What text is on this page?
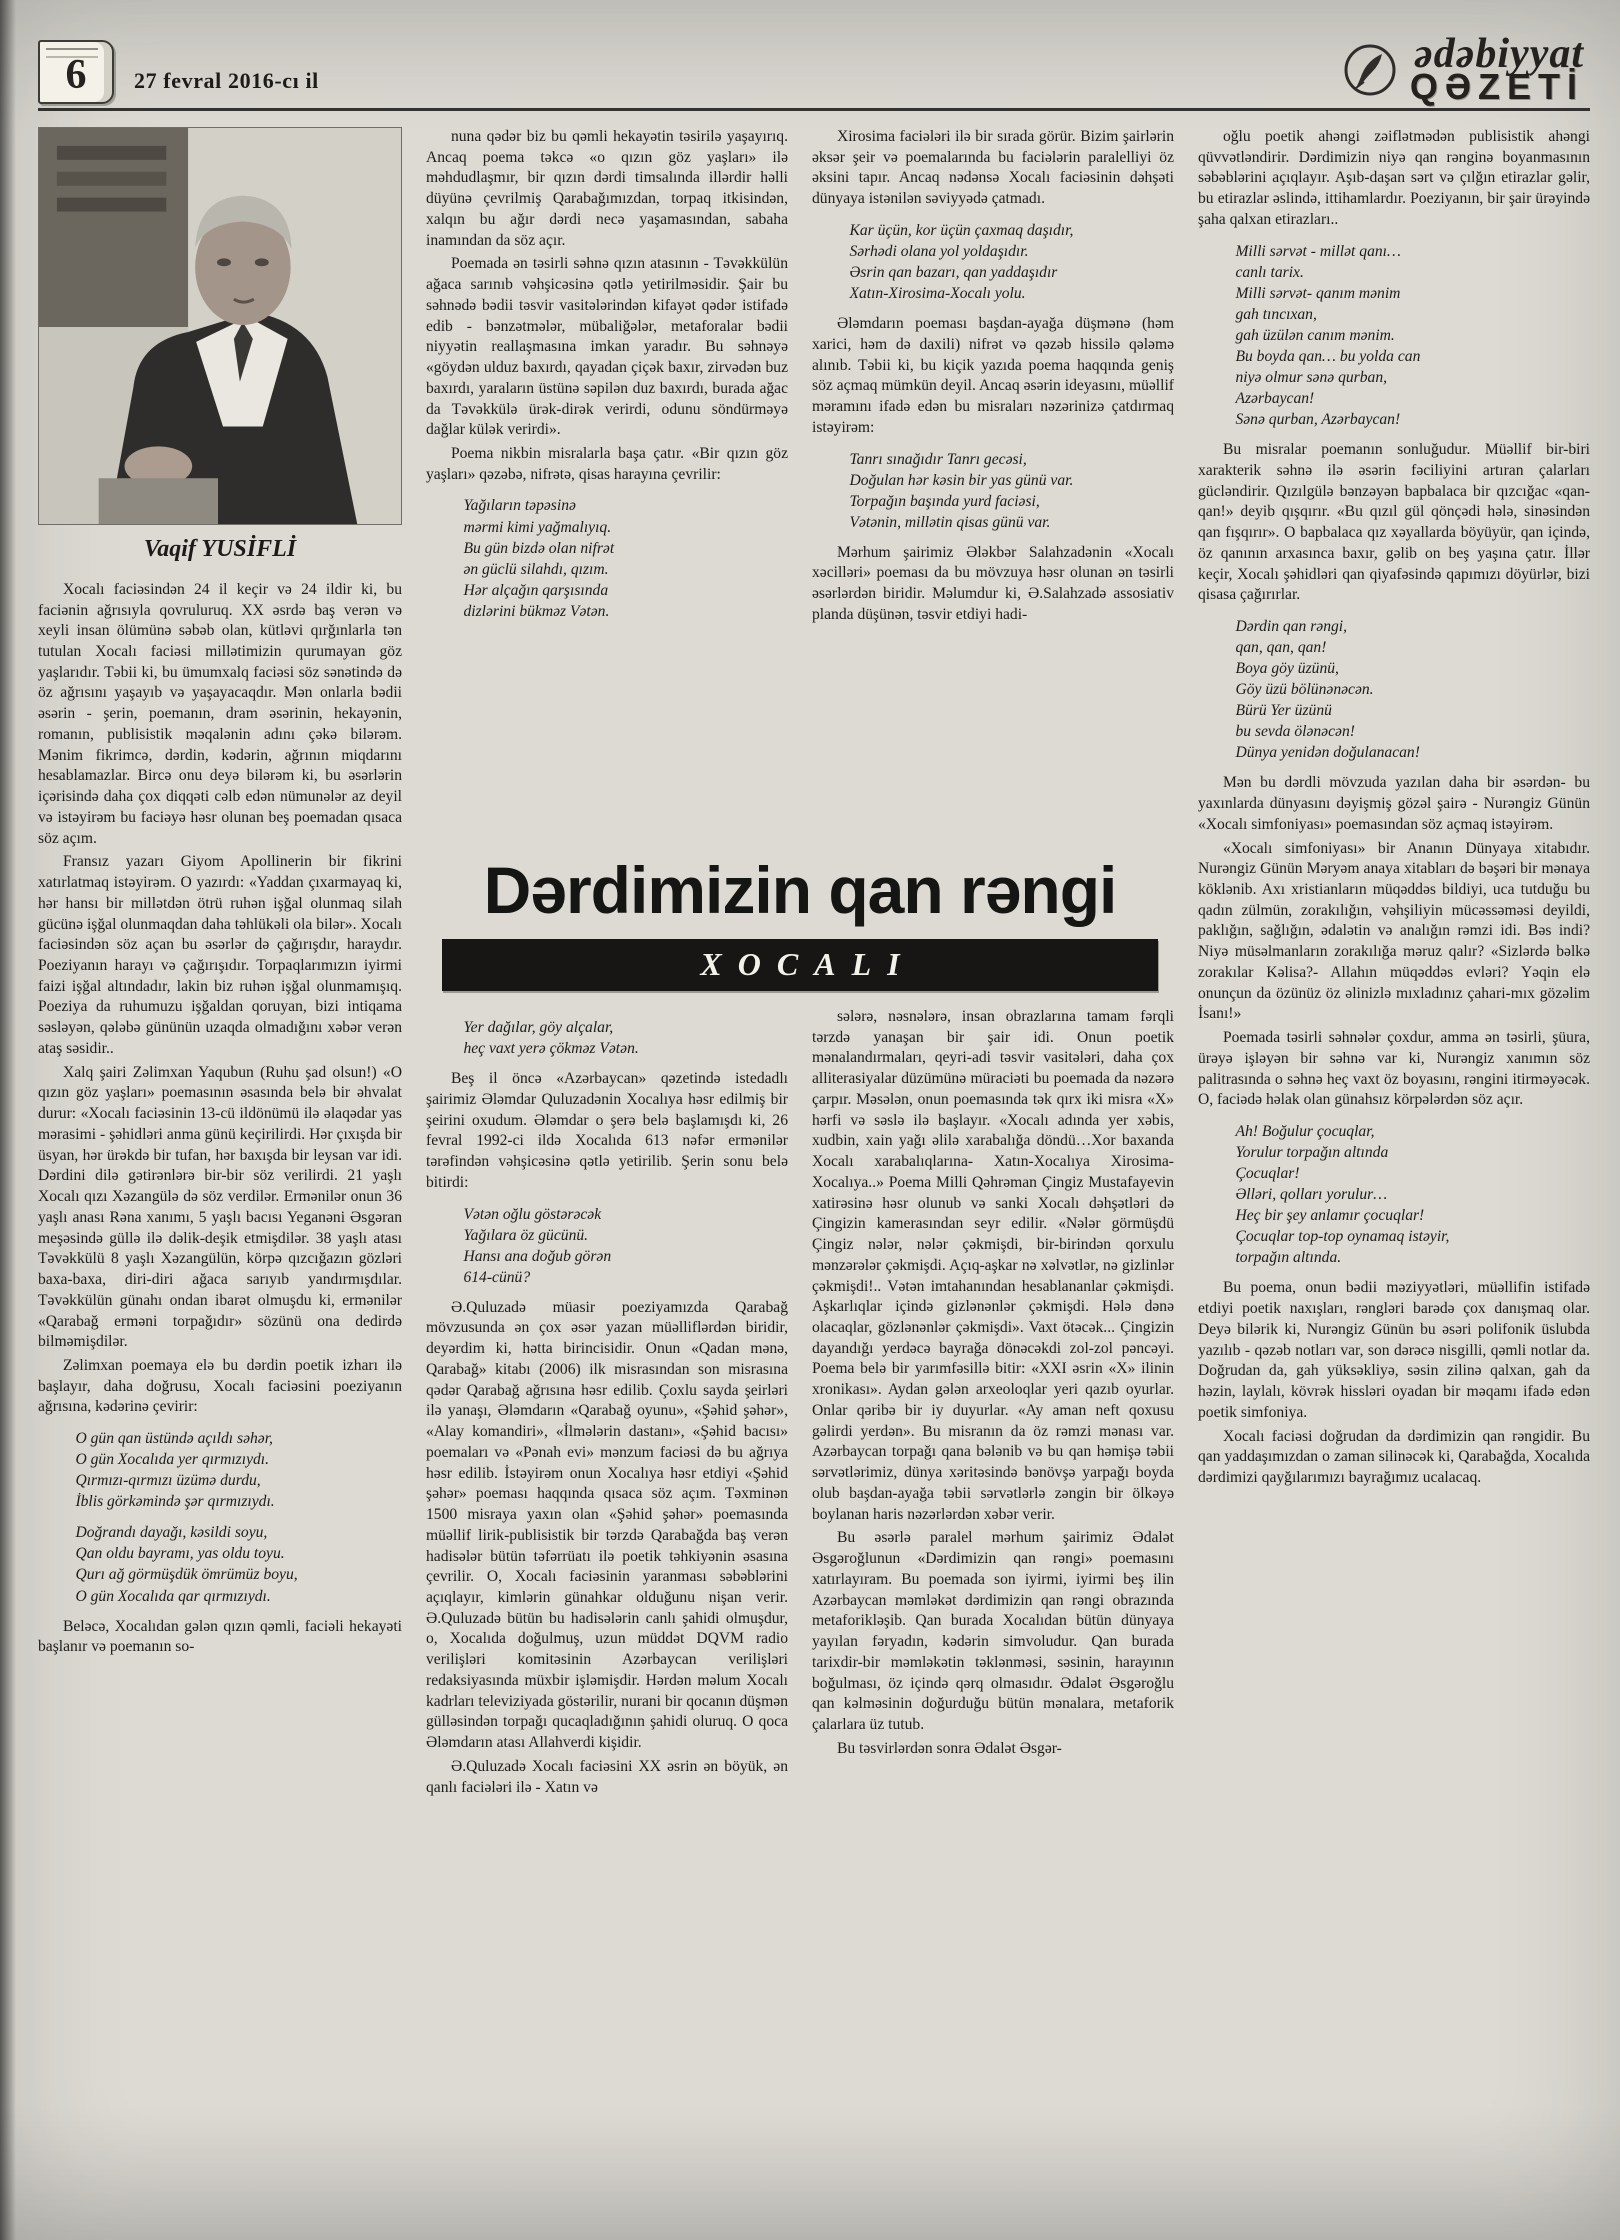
6 27 fevral 2016-cı il
ədəbiyyat
QƏZETİ
Vaqif YUSİFLİ

Xocalı faciəsindən 24 il keçir və 24 ildir ki, bu faciənin ağrısıyla qovruluruq. XX əsrdə baş verən və xeyli insan ölümünə səbəb olan, kütləvi qırğınlarla tən tutulan Xocalı faciəsi millətimizin qurumayan göz yaşlarıdır. Təbii ki, bu ümumxalq faciəsi söz sənətində də öz ağrısını yaşayıb və yaşayacaqdır. Mən onlarla bədii əsərin - şerin, poemanın, dram əsərinin, hekayənin, romanın, publisistik məqalənin adını çəkə bilərəm. Mənim fikrimcə, dərdin, kədərin, ağrının miqdarını hesablamazlar. Bircə onu deyə bilərəm ki, bu əsərlərin içərisində daha çox diqqəti cəlb edən nümunələr az deyil və istəyirəm bu faciəyə həsr olunan beş poemadan qısaca söz açım.

Fransız yazarı Giyom Apollinerin bir fikrini xatırlatmaq istəyirəm. O yazırdı: «Yaddan çıxarmayaq ki, hər hansı bir millətdən ötrü ruhən işğal olunmaq silah gücünə işğal olunmaqdan daha təhlükəli ola bilər». Xocalı faciəsindən söz açan bu əsərlər də çağırışdır, haraydır. Poeziyanın harayı və çağırışıdır. Torpaqlarımızın iyirmi faizi işğal altındadır, lakin biz ruhən işğal olunmamışıq. Poeziya da ruhumuzu işğaldan qoruyan, bizi intiqama səsləyən, qələbə gününün uzaqda olmadığını xəbər verən ataş səsidir..

Xalq şairi Zəlimxan Yaqubun (Ruhu şad olsun!) «O qızın göz yaşları» poemasının əsasında belə bir əhvalat durur: «Xocalı faciəsinin 13-cü ildönümü ilə əlaqədar yas mərasimi - şəhidləri anma günü keçirilirdi. Hər çıxışda bir üsyan, hər ürəkdə bir tufan, hər baxışda bir leysan var idi. Dərdini dilə gətirənlərə bir-bir söz verilirdi. 21 yaşlı Xocalı qızı Xəzangülə də söz verdilər. Ermənilər onun 36 yaşlı anası Rəna xanımı, 5 yaşlı bacısı Yeganəni Əsgəran meşəsində güllə ilə dəlik-deşik etmişdilər. 38 yaşlı atası Təvəkkülü 8 yaşlı Xəzangülün, körpə qızcığazın gözləri baxa-baxa, diri-diri ağaca sarıyıb yandırmışdılar. Təvəkkülün günahı ondan ibarət olmuşdu ki, ermənilər «Qarabağ erməni torpağıdır» sözünü ona dedirdə bilməmişdilər.

Zəlimxan poemaya elə bu dərdin poetik izharı ilə başlayır, daha doğrusu, Xocalı faciəsini poeziyanın ağrısına, kədərinə çevirir:

O gün qan üstündə açıldı səhər,
O gün Xocalıda yer qırmızıydı.
Qırmızı-qırmızı üzümə durdu,
İblis görkəmində şər qırmızıydı.
Doğrandı dayağı, kəsildi soyu,
Qan oldu bayramı, yas oldu toyu.
Qurı ağ görmüşdük ömrümüz boyu,
O gün Xocalıda qar qırmızıydı.

Beləcə, Xocalıdan gələn qızın qəmli, faciəli hekayəti başlanır və poemanın so-

nuna qədər biz bu qəmli hekayətin təsirilə yaşayırıq. Ancaq poema təkcə «o qızın göz yaşları» ilə məhdudlaşmır, bir qızın dərdi timsalında illərdir həlli düyünə çevrilmiş Qarabağımızdan, torpaq itkisindən, xalqın bu ağır dərdi necə yaşamasından, sabaha inamından da söz açır.

Poemada ən təsirli səhnə qızın atasının - Təvəkkülün ağaca sarınıb vəhşicəsinə qətlə yetirilməsidir. Şair bu səhnədə bədii təsvir vasitələrindən kifayət qədər istifadə edib - bənzətmələr, mübaliğələr, metaforalar bədii niyyətin reallaşmasına imkan yaradır. Bu səhnəyə «göydən ulduz baxırdı, qayadan çiçək baxır, zirvədən buz baxırdı, yaraların üstünə səpilən duz baxırdı, burada ağac da Təvəkkülə ürək-dirək verirdi, odunu söndürməyə dağlar külək verirdi».

Poema nikbin misralarla başa çatır. «Bir qızın göz yaşları» qəzəbə, nifrətə, qisas harayına çevrilir:

Yağıların təpəsinə
mərmi kimi yağmalıyıq.
Bu gün bizdə olan nifrət
ən güclü silahdı, qızım.
Hər alçağın qarşısında
dizlərini bükməz Vətən.

Xirosima faciələri ilə bir sırada görür. Bizim şairlərin əksər şeir və poemalarında bu faciələrin paralelliyi öz əksini tapır. Ancaq nədənsə Xocalı faciəsinin dəhşəti dünyaya istənilən səviyyədə çatmadı.

Kar üçün, kor üçün çaxmaq daşıdır,
Sərhədi olana yol yoldaşıdır.
Əsrin qan bazarı, qan yaddaşıdır
Xatın-Xirosima-Xocalı yolu.

Ələmdarın poeması başdan-ayağa düşmənə (həm xarici, həm də daxili) nifrət və qəzəb hissilə qələmə alınıb. Təbii ki, bu kiçik yazıda poema haqqında geniş söz açmaq mümkün deyil. Ancaq əsərin ideyasını, müəllif məramını ifadə edən bu misraları nəzərinizə çatdırmaq istəyirəm:

Tanrı sınağıdır Tanrı gecəsi,
Doğulan hər kəsin bir yas günü var.
Torpağın başında yurd faciəsi,
Vətənin, millətin qisas günü var.

Mərhum şairimiz Ələkbər Salahzadənin «Xocalı xəcilləri» poeması da bu mövzuya həsr olunan ən təsirli əsərlərdən biridir. Məlumdur ki, Ə.Salahzadə assosiativ planda düşünən, təsvir etdiyi hadi-

Dərdimizin qan rəngi
XOCALI
Yer dağılar, göy alçalar,
heç vaxt yerə çökməz Vətən.

Beş il öncə «Azərbaycan» qəzetində istedadlı şairimiz Ələmdar Quluzadənin Xocalıya həsr edilmiş bir şeirini oxudum. Ələmdar o şerə belə başlamışdı ki, 26 fevral 1992-ci ildə Xocalıda 613 nəfər ermənilər tərəfindən vəhşicəsinə qətlə yetirilib. Şerin sonu belə bitirdi:

Vətən oğlu göstərəcək
Yağılara öz gücünü.
Hansı ana doğub görən
614-cünü?

Ə.Quluzadə müasir poeziyamızda Qarabağ mövzusunda ən çox əsər yazan müəlliflərdən biridir, deyərdim ki, hətta birincisidir. Onun «Qadan mənə, Qarabağ» kitabı (2006) ilk misrasından son misrasına qədər Qarabağ ağrısına həsr edilib. Çoxlu sayda şeirləri ilə yanaşı, Ələmdarın «Qarabağ oyunu», «Şəhid şəhər», «Alay komandiri», «İlmələrin dastanı», «Şəhid bacısı» poemaları və «Pənah evi» mənzum faciəsi də bu ağrıya həsr edilib. İstəyirəm onun Xocalıya həsr etdiyi «Şəhid şəhər» poeması haqqında qısaca söz açım. Təxminən 1500 misraya yaxın olan «Şəhid şəhər» poemasında müəllif lirik-publisistik bir tərzdə Qarabağda baş verən hadisələr bütün təfərrüatı ilə poetik təhkiyənin əsasına çevrilir. O, Xocalı faciəsinin yaranması səbəblərini açıqlayır, kimlərin günahkar olduğunu nişan verir. Ə.Quluzadə bütün bu hadisələrin canlı şahidi olmuşdur, o, Xocalıda doğulmuş, uzun müddət DQVM radio verilişləri komitəsinin Azərbaycan verilişləri redaksiyasında müxbir işləmişdir. Hərdən məlum Xocalı kadrları televiziyada göstərilir, nurani bir qocanın düşmən gülləsindən torpağı qucaqladığının şahidi oluruq. O qoca Ələmdarın atası Allahverdi kişidir.

Ə.Quluzadə Xocalı faciəsini XX əsrin ən böyük, ən qanlı faciələri ilə - Xatın və

sələrə, nəsnələrə, insan obrazlarına tamam fərqli tərzdə yanaşan bir şair idi. Onun poetik mənalandırmaları, qeyri-adi təsvir vasitələri, daha çox alliterasiyalar düzümünə müraciəti bu poemada da nəzərə çarpır. Məsələn, onun poemasında tək qırx iki misra «X» hərfi və səslə ilə başlayır. «Xocalı adında yer xəbis, xudbin, xain yağı əlilə xarabalığa döndü…Xor baxanda Xocalı xarabalıqlarına- Xatın-Xocalıya Xirosima-Xocalıya..» Poema Milli Qəhrəman Çingiz Mustafayevin xatirəsinə həsr olunub və sanki Xocalı dəhşətləri də Çingizin kamerasından seyr edilir. «Nələr görmüşdü Çingiz nələr, nələr çəkmişdi, bir-birindən qorxulu mənzərələr çəkmişdi. Açıq-aşkar nə xəlvətlər, nə gizlinlər çəkmişdi!.. Vətən imtahanından hesablananlar çəkmişdi. Aşkarlıqlar içində gizlənənlər çəkmişdi. Hələ dənə olacaqlar, gözlənənlər çəkmişdi». Vaxt ötəcək... Çingizin dayandığı yerdəcə bayrağa dönəcəkdi zol-zol pəncəyi. Poema belə bir yarımfəsillə bitir: «XXI əsrin «X» ilinin xronikası». Aydan gələn arxeoloqlar yeri qazıb oyurlar. Onlar qəribə bir iy duyurlar. «Ay aman neft qoxusu gəlirdi yerdən». Bu misranın da öz rəmzi mənası var. Azərbaycan torpağı qana bələnib və bu qan həmişə təbii sərvətlərimiz, dünya xəritəsində bənövşə yarpağı boyda olub başdan-ayağa təbii sərvətlərlə zəngin bir ölkəyə boylanan haris nəzərlərdən xəbər verir.

Bu əsərlə paralel mərhum şairimiz Ədalət Əsgəroğlunun «Dərdimizin qan rəngi» poemasını xatırlayıram. Bu poemada son iyirmi, iyirmi beş ilin Azərbaycan məmləkət dərdimizin qan rəngi obrazında metaforikləşib. Qan burada Xocalıdan bütün dünyaya yayılan fəryadın, kədərin simvoludur. Qan burada tarixdir-bir məmləkətin təklənməsi, səsinin, harayının boğulması, öz içində qərq olmasıdır. Ədalət Əsgəroğlu qan kəlməsinin doğurduğu bütün mənalara, metaforik çalarlara üz tutub.

Bu təsvirlərdən sonra Ədalət Əsgər-

oğlu poetik ahəngi zəiflətmədən publisistik ahəngi qüvvətləndirir. Dərdimizin niyə qan rənginə boyanmasının səbəblərini açıqlayır. Aşıb-daşan sərt və çılğın etirazlar gəlir, bu etirazlar əslində, ittihamlardır. Poeziyanın, bir şair ürəyində şaha qalxan etirazları..

Milli sərvət - millət qanı…
canlı tarix.
Milli sərvət- qanım mənim
gah tıncıxan,
gah üzülən canım mənim.
Bu boyda qan… bu yolda can
niyə olmur sənə qurban,
Azərbaycan!
Sənə qurban, Azərbaycan!

Bu misralar poemanın sonluğudur. Müəllif bir-biri xarakterik səhnə ilə əsərin fəciliyini artıran çalarları gücləndirir. Qızılgülə bənzəyən bapbalaca bir qızcığac «qan-qan!» deyib qışqırır. «Bu qızıl gül qönçədi hələ, sinəsindən qan fışqırır». O bapbalaca qız xəyallarda böyüyür, qan içində, öz qanının arxasınca baxır, gəlib on beş yaşına çatır. İllər keçir, Xocalı şəhidləri qan qiyafəsində qapımızı döyürlər, bizi qisasa çağırırlar.

Dərdin qan rəngi,
qan, qan, qan!
Boya göy üzünü,
Göy üzü bölünənəcən.
Bürü Yer üzünü
bu sevda ölənəcən!
Dünya yenidən doğulanacan!

Mən bu dərdli mövzuda yazılan daha bir əsərdən- bu yaxınlarda dünyasını dəyişmiş gözəl şairə - Nurəngiz Günün «Xocalı simfoniyası» poemasından söz açmaq istəyirəm.

«Xocalı simfoniyası» bir Ananın Dünyaya xitabıdır. Nurəngiz Günün Məryəm anaya xitabları də bəşəri bir mənaya köklənib. Axı xristianların müqəddəs bildiyi, uca tutduğu bu qadın zülmün, zorakılığın, vəhşiliyin mücəssəməsi deyildi, paklığın, sağlığın, ədalətin və analığın rəmzi idi. Bəs indi? Niyə müsəlmanların zorakılığa məruz qalır? «Sizlərdə bəlkə zorakılar Kəlisa?- Allahın müqəddəs evləri? Yəqin elə onunçun da özünüz öz əlinizlə mıxladınız çahari-mıx gözəlim İsanı!»

Poemada təsirli səhnələr çoxdur, amma ən təsirli, şüura, ürəyə işləyən bir səhnə var ki, Nurəngiz xanımın söz palitrasında o səhnə heç vaxt öz boyasını, rəngini itirməyəcək. O, faciədə həlak olan günahsız körpələrdən söz açır.

Ah! Boğulur çocuqlar,
Yorulur torpağın altında
Çocuqlar!
Əlləri, qolları yorulur…
Heç bir şey anlamır çocuqlar!
Çocuqlar top-top oynamaq istəyir,
torpağın altında.

Bu poema, onun bədii məziyyətləri, müəllifin istifadə etdiyi poetik naxışları, rəngləri barədə çox danışmaq olar. Deyə bilərik ki, Nurəngiz Günün bu əsəri polifonik üslubda yazılıb - qəzəb notları var, son dərəcə nisgilli, qəmli notlar da. Doğrudan da, gah yüksəkliyə, səsin zilinə qalxan, gah da həzin, laylalı, kövrək hissləri oyadan bir məqamı ifadə edən poetik simfoniya.

Xocalı faciəsi doğrudan da dərdimizin qan rəngidir. Bu qan yaddaşımızdan o zaman silinəcək ki, Qarabağda, Xocalıda dərdimizi qayğılarımızı bayrağımız ucalacaq.
